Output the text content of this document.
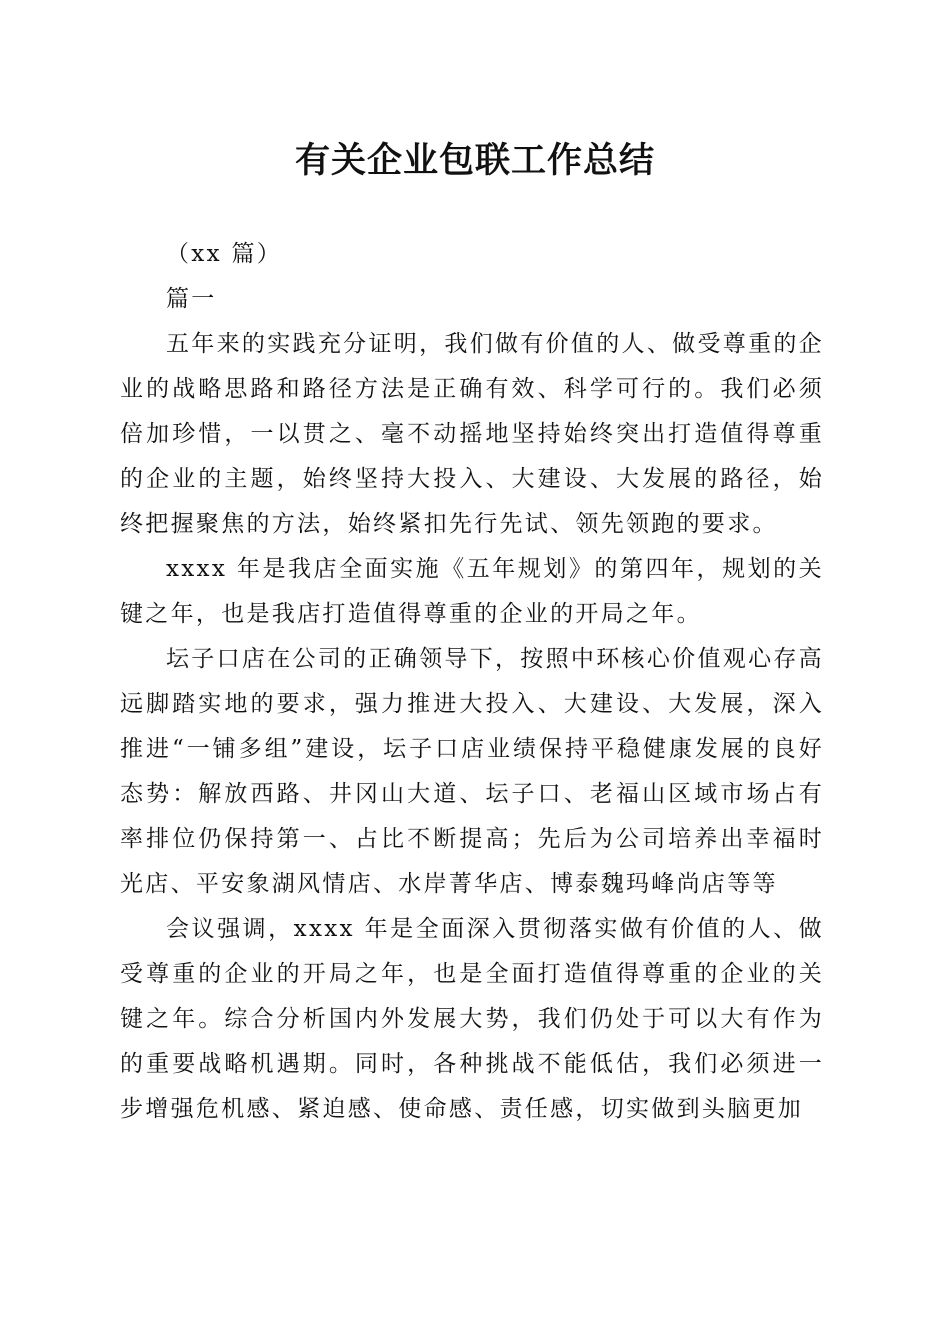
有关企业包联工作总结

（xx 篇）

篇一

五年来的实践充分证明，我们做有价值的人、做受尊重的企业的战略思路和路径方法是正确有效、科学可行的。我们必须倍加珍惜，一以贯之、毫不动摇地坚持始终突出打造值得尊重的企业的主题，始终坚持大投入、大建设、大发展的路径，始终把握聚焦的方法，始终紧扣先行先试、领先领跑的要求。

xxxx 年是我店全面实施《五年规划》的第四年，规划的关键之年，也是我店打造值得尊重的企业的开局之年。

坛子口店在公司的正确领导下，按照中环核心价值观心存高远脚踏实地的要求，强力推进大投入、大建设、大发展，深入推进“一铺多组”建设，坛子口店业绩保持平稳健康发展的良好态势：解放西路、井冈山大道、坛子口、老福山区域市场占有率排位仍保持第一、占比不断提高；先后为公司培养出幸福时光店、平安象湖风情店、水岸菁华店、博泰魏玛峰尚店等等

会议强调，xxxx 年是全面深入贯彻落实做有价值的人、做受尊重的企业的开局之年，也是全面打造值得尊重的企业的关键之年。综合分析国内外发展大势，我们仍处于可以大有作为的重要战略机遇期。同时，各种挑战不能低估，我们必须进一步增强危机感、紧迫感、使命感、责任感，切实做到头脑更加
